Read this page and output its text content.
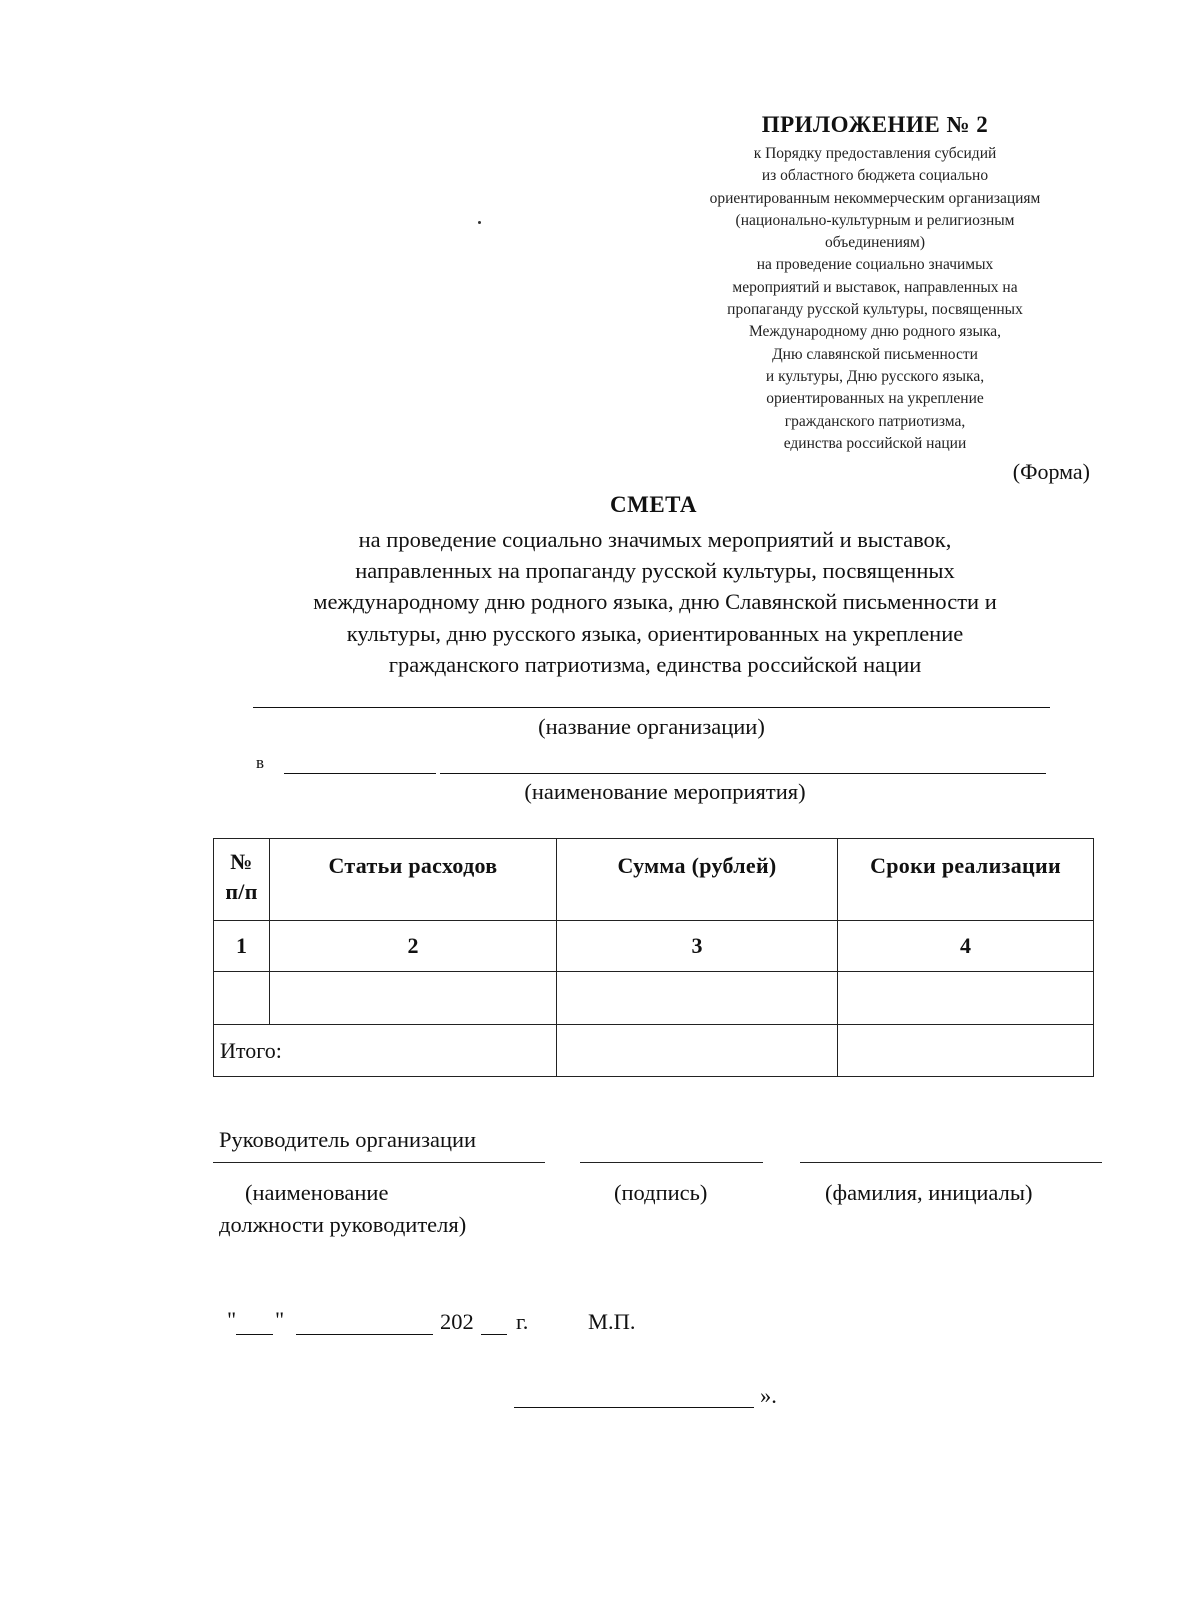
ПРИЛОЖЕНИЕ № 2
к Порядку предоставления субсидий
из областного бюджета социально
ориентированным некоммерческим организациям
(национально-культурным и религиозным
объединениям)
на проведение социально значимых
мероприятий и выставок, направленных на
пропаганду русской культуры, посвященных
Международному дню родного языка,
Дню славянской письменности
и культуры, Дню русского языка,
ориентированных на укрепление
гражданского патриотизма,
единства российской нации
(Форма)
СМЕТА
на проведение социально значимых мероприятий и выставок,
направленных на пропаганду русской культуры, посвященных
международному дню родного языка, дню Славянской письменности и
культуры, дню русского языка, ориентированных на укрепление
гражданского патриотизма, единства российской нации
(название организации)
в
(наименование мероприятия)
№ п/п	Статьи расходов	Сумма (рублей)	Сроки реализации
1	2	3	4

Итого:			
Руководитель организации
(наименование
должности руководителя)
(подпись)	(фамилия, инициалы)
" "	202 г.	М.П.
».
